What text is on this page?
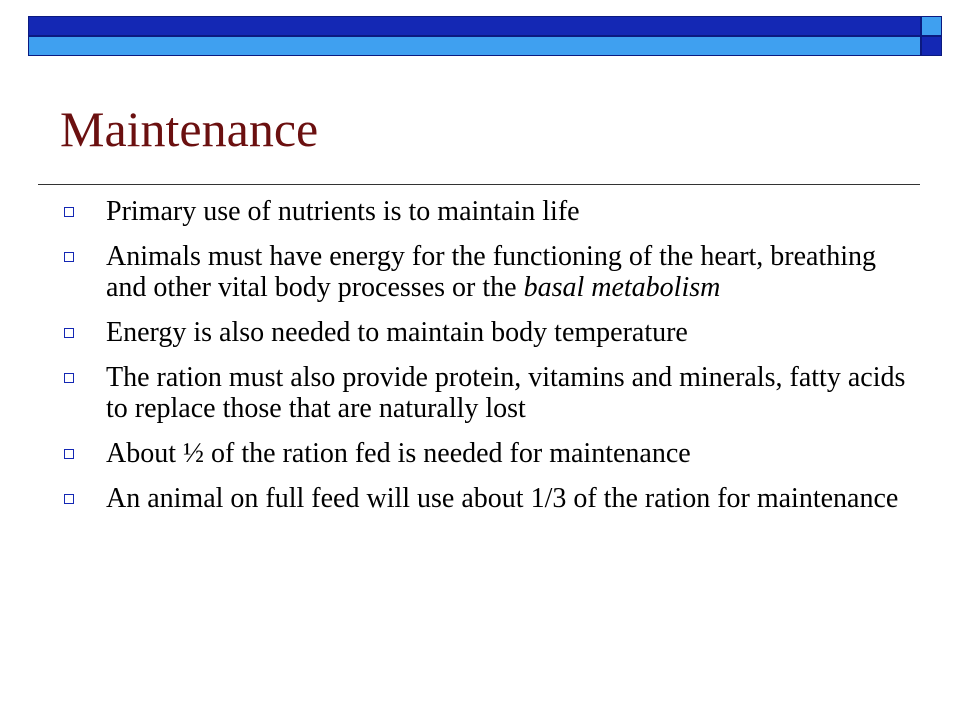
Maintenance
Primary use of nutrients is to maintain life
Animals must have energy for the functioning of the heart, breathing and other vital body processes or the basal metabolism
Energy is also needed to maintain body temperature
The ration must also provide protein, vitamins and minerals, fatty acids to replace those that are naturally lost
About ½ of the ration fed is needed for maintenance
An animal on full feed will use about 1/3 of the ration for maintenance
